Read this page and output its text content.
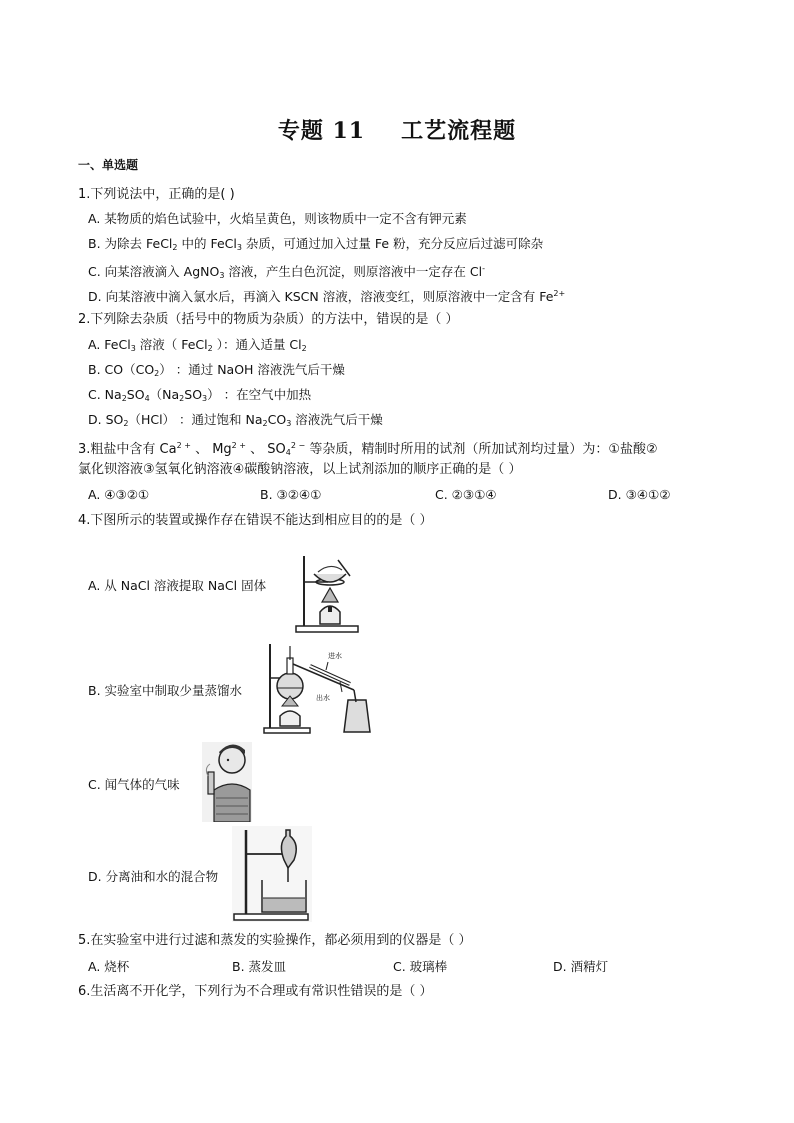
专题 11 工艺流程题
一、单选题
1.下列说法中，正确的是( )
A. 某物质的焰色试验中，火焰呈黄色，则该物质中一定不含有钾元素
B. 为除去 FeCl$_2$ 中的 FeCl$_3$ 杂质，可通过加入过量 Fe 粉，充分反应后过滤可除杂
C. 向某溶液滴入 AgNO$_3$ 溶液，产生白色沉淀，则原溶液中一定存在 Cl-
D. 向某溶液中滴入氯水后，再滴入 KSCN 溶液，溶液变红，则原溶液中一定含有 $Fe^{2+}$
2.下列除去杂质（括号中的物质为杂质）的方法中，错误的是（ ）
A. FeCl$_3$ 溶液（ FeCl$_2$ ）：通入适量 $Cl_2$
B. $CO(CO_2)$ ：通过 NaOH 溶液洗气后干燥
C. $Na_2SO_4(Na_2SO_3)$ ：在空气中加热
D. $SO_2(HCl)$ ：通过饱和 $Na_2CO_3$ 溶液洗气后干燥
3.粗盐中含有 $Ca^{2 +}$ 、 $Mg^{2 +}$ 、 $SO_4^{2 -}$ 等杂质，精制时所用的试剂（所加试剂均过量）为：①盐酸②
氯化钡溶液③氢氧化钠溶液④碳酸钠溶液，以上试剂添加的顺序正确的是（ ）
A. ④③②①	B. ③②④①	C. ②③①④	D. ③④①②
4.下图所示的装置或操作存在错误不能达到相应目的的是（ ）
A. 从 NaCl 溶液提取 NaCl 固体
B. 实验室中制取少量蒸馏水
进水
出水
C. 闻气体的气味
D. 分离油和水的混合物
5.在实验室中进行过滤和蒸发的实验操作，都必须用到的仪器是（ ）
A. 烧杯	B. 蒸发皿	C. 玻璃棒	D. 酒精灯
6.生活离不开化学，下列行为不合理或有常识性错误的是（ ）
